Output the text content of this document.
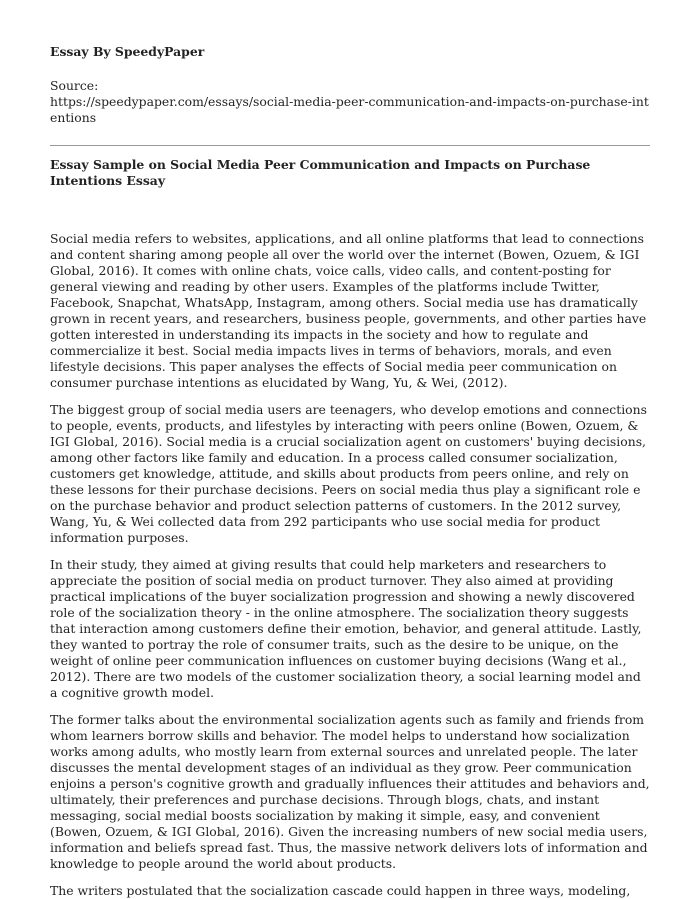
Essay By SpeedyPaper
Source:
https://speedypaper.com/essays/social-media-peer-communication-and-impacts-on-purchase-intentions
Essay Sample on Social Media Peer Communication and Impacts on Purchase Intentions Essay

Social media refers to websites, applications, and all online platforms that lead to connections and content sharing among people all over the world over the internet (Bowen, Ozuem, & IGI Global, 2016). It comes with online chats, voice calls, video calls, and content-posting for general viewing and reading by other users. Examples of the platforms include Twitter, Facebook, Snapchat, WhatsApp, Instagram, among others. Social media use has dramatically grown in recent years, and researchers, business people, governments, and other parties have gotten interested in understanding its impacts in the society and how to regulate and commercialize it best. Social media impacts lives in terms of behaviors, morals, and even lifestyle decisions. This paper analyses the effects of Social media peer communication on consumer purchase intentions as elucidated by Wang, Yu, & Wei, (2012).

The biggest group of social media users are teenagers, who develop emotions and connections to people, events, products, and lifestyles by interacting with peers online (Bowen, Ozuem, & IGI Global, 2016). Social media is a crucial socialization agent on customers' buying decisions, among other factors like family and education. In a process called consumer socialization, customers get knowledge, attitude, and skills about products from peers online, and rely on these lessons for their purchase decisions. Peers on social media thus play a significant role e on the purchase behavior and product selection patterns of customers. In the 2012 survey, Wang, Yu, & Wei collected data from 292 participants who use social media for product information purposes.

In their study, they aimed at giving results that could help marketers and researchers to appreciate the position of social media on product turnover. They also aimed at providing practical implications of the buyer socialization progression and showing a newly discovered role of the socialization theory - in the online atmosphere. The socialization theory suggests that interaction among customers define their emotion, behavior, and general attitude. Lastly, they wanted to portray the role of consumer traits, such as the desire to be unique, on the weight of online peer communication influences on customer buying decisions (Wang et al., 2012). There are two models of the customer socialization theory, a social learning model and a cognitive growth model.

The former talks about the environmental socialization agents such as family and friends from whom learners borrow skills and behavior. The model helps to understand how socialization works among adults, who mostly learn from external sources and unrelated people. The later discusses the mental development stages of an individual as they grow. Peer communication enjoins a person's cognitive growth and gradually influences their attitudes and behaviors and, ultimately, their preferences and purchase decisions. Through blogs, chats, and instant messaging, social medial boosts socialization by making it simple, easy, and convenient (Bowen, Ozuem, & IGI Global, 2016). Given the increasing numbers of new social media users, information and beliefs spread fast. Thus, the massive network delivers lots of information and knowledge to people around the world about products.

The writers postulated that the socialization cascade could happen in three ways, modeling,
